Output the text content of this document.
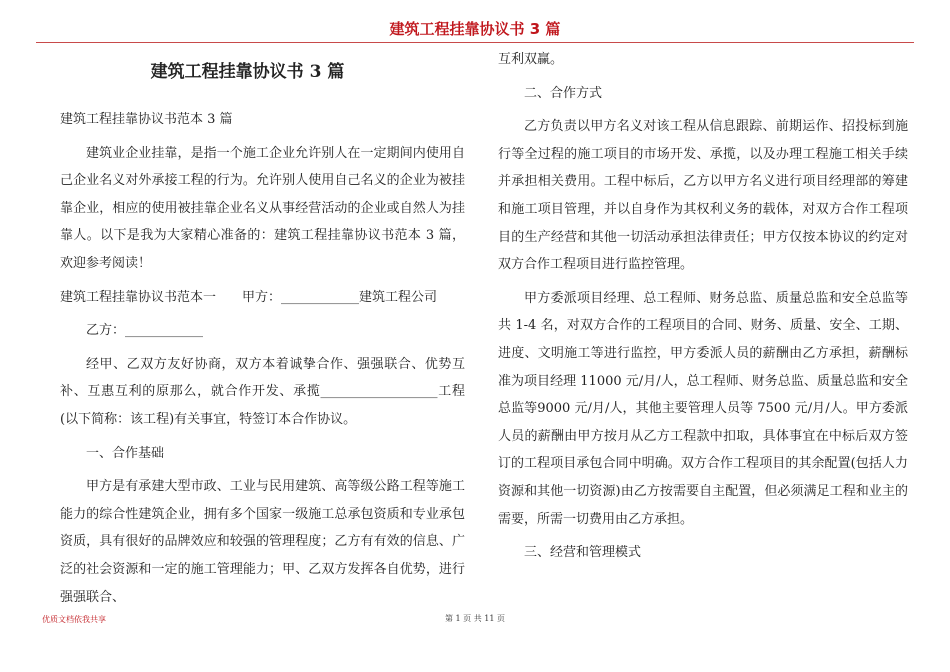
建筑工程挂靠协议书 3 篇
建筑工程挂靠协议书 3 篇

建筑工程挂靠协议书范本 3 篇

建筑业企业挂靠，是指一个施工企业允许别人在一定期间内使用自己企业名义对外承接工程的行为。允许别人使用自己名义的企业为被挂靠企业，相应的使用被挂靠企业名义从事经营活动的企业或自然人为挂靠人。以下是我为大家精心准备的：建筑工程挂靠协议书范本 3 篇，欢迎参考阅读！

建筑工程挂靠协议书范本一　　甲方：____________建筑工程公司

乙方：____________

经甲、乙双方友好协商，双方本着诚挚合作、强强联合、优势互补、互惠互利的原那么，就合作开发、承揽__________________工程(以下简称：该工程)有关事宜，特签订本合作协议。

一、合作基础

甲方是有承建大型市政、工业与民用建筑、高等级公路工程等施工能力的综合性建筑企业，拥有多个国家一级施工总承包资质和专业承包资质，具有很好的品牌效应和较强的管理程度；乙方有有效的信息、广泛的社会资源和一定的施工管理能力；甲、乙双方发挥各自优势，进行强强联合、

互利双赢。

二、合作方式

乙方负责以甲方名义对该工程从信息跟踪、前期运作、招投标到施行等全过程的施工项目的市场开发、承揽，以及办理工程施工相关手续并承担相关费用。工程中标后，乙方以甲方名义进行项目经理部的筹建和施工项目管理，并以自身作为其权利义务的载体，对双方合作工程项目的生产经营和其他一切活动承担法律责任；甲方仅按本协议的约定对双方合作工程项目进行监控管理。

甲方委派项目经理、总工程师、财务总监、质量总监和安全总监等共 1-4 名，对双方合作的工程项目的合同、财务、质量、安全、工期、进度、文明施工等进行监控，甲方委派人员的薪酬由乙方承担，薪酬标准为项目经理 11000 元/月/人，总工程师、财务总监、质量总监和安全总监等9000 元/月/人，其他主要管理人员等 7500 元/月/人。甲方委派人员的薪酬由甲方按月从乙方工程款中扣取，具体事宜在中标后双方签订的工程项目承包合同中明确。双方合作工程项目的其余配置(包括人力资源和其他一切资源)由乙方按需要自主配置，但必须满足工程和业主的需要，所需一切费用由乙方承担。

三、经营和管理模式

优质文档依我共享	第 1 页 共 11 页
